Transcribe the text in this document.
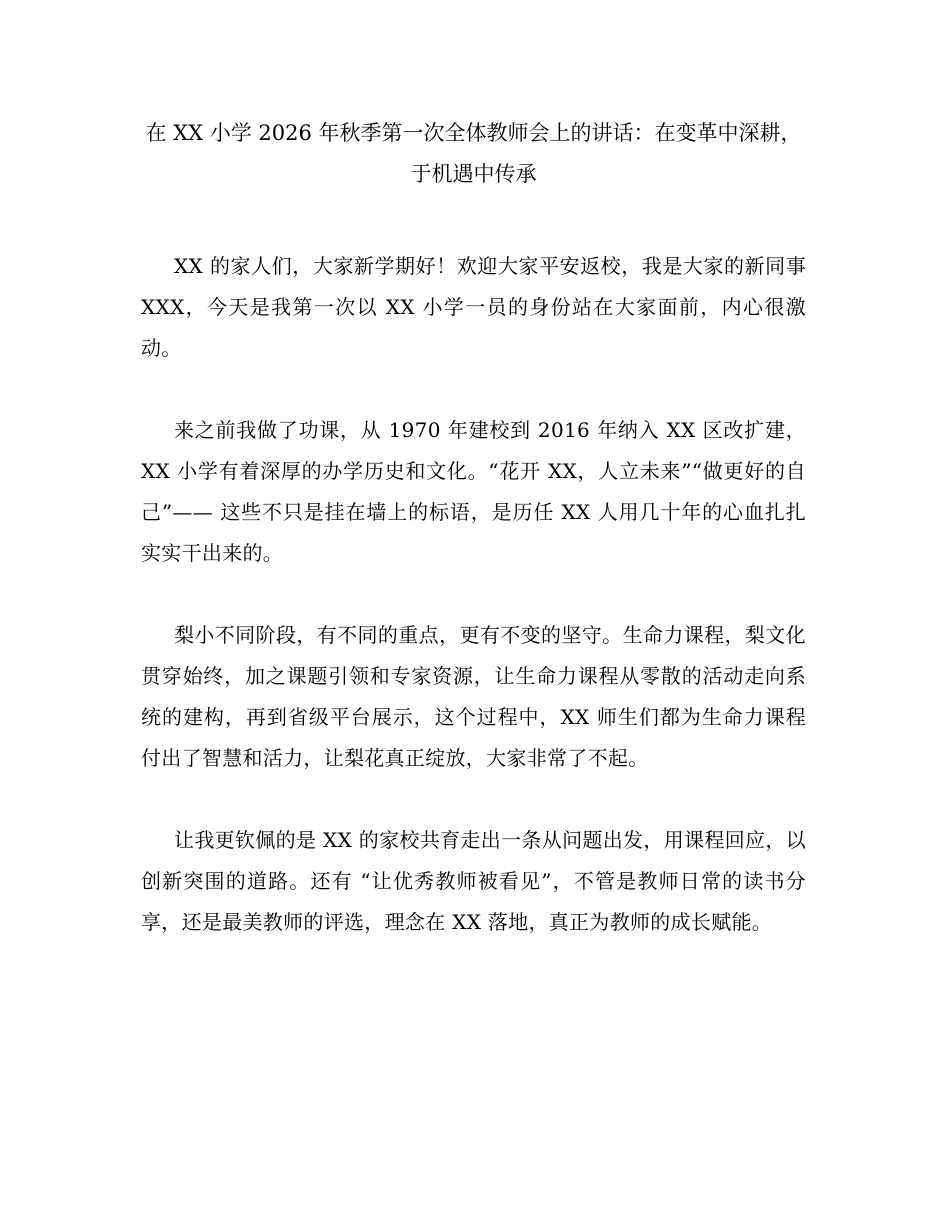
在 XX 小学 2026 年秋季第一次全体教师会上的讲话：在变革中深耕，于机遇中传承

XX 的家人们，大家新学期好！欢迎大家平安返校，我是大家的新同事 XXX，今天是我第一次以 XX 小学一员的身份站在大家面前，内心很激动。

来之前我做了功课，从 1970 年建校到 2016 年纳入 XX 区改扩建，XX 小学有着深厚的办学历史和文化。“花开 XX，人立未来”“做更好的自己”—— 这些不只是挂在墙上的标语，是历任 XX 人用几十年的心血扎扎实实干出来的。

梨小不同阶段，有不同的重点，更有不变的坚守。生命力课程，梨文化贯穿始终，加之课题引领和专家资源，让生命力课程从零散的活动走向系统的建构，再到省级平台展示，这个过程中，XX 师生们都为生命力课程付出了智慧和活力，让梨花真正绽放，大家非常了不起。

让我更钦佩的是 XX 的家校共育走出一条从问题出发，用课程回应，以创新突围的道路。还有 “让优秀教师被看见”，不管是教师日常的读书分享，还是最美教师的评选，理念在 XX 落地，真正为教师的成长赋能。
